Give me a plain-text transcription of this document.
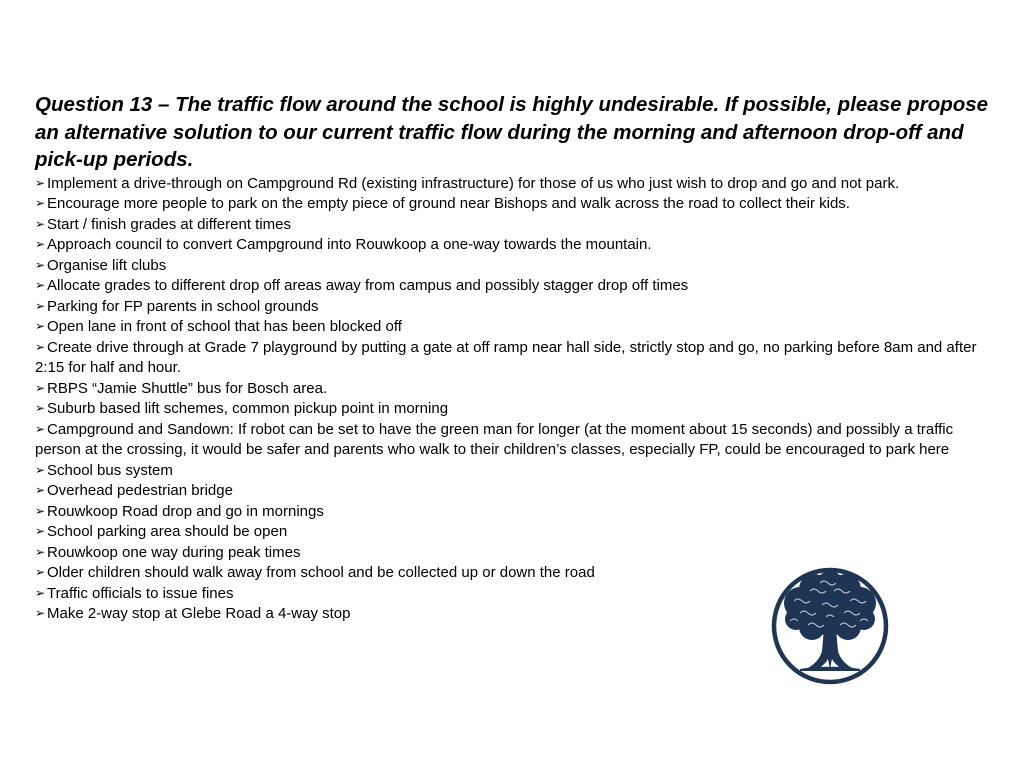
Question 13 – The traffic flow around the school is highly undesirable. If possible, please propose an alternative solution to our current traffic flow during the morning and afternoon drop-off and pick-up periods.

➢ Implement a drive-through on Campground Rd (existing infrastructure) for those of us who just wish to drop and go and not park.
➢ Encourage more people to park on the empty piece of ground near Bishops and walk across the road to collect their kids.
➢ Start / finish grades at different times
➢ Approach council to convert Campground into Rouwkoop a one-way towards the mountain.
➢ Organise lift clubs
➢ Allocate grades to different drop off areas away from campus and possibly stagger drop off times
➢ Parking for FP parents in school grounds
➢ Open lane in front of school that has been blocked off
➢ Create drive through at Grade 7 playground by putting a gate at off ramp near hall side, strictly stop and go, no parking before 8am and after 2:15 for half and hour.
➢ RBPS “Jamie Shuttle” bus for Bosch area.
➢ Suburb based lift schemes, common pickup point in morning
➢ Campground and Sandown: If robot can be set to have the green man for longer (at the moment about 15 seconds) and possibly a traffic person at the crossing, it would be safer and parents who walk to their children’s classes, especially FP, could be encouraged to park here
➢ School bus system
➢ Overhead pedestrian bridge
➢ Rouwkoop Road drop and go in mornings
➢ School parking area should be open
➢ Rouwkoop one way during peak times
➢ Older children should walk away from school and be collected up or down the road
➢ Traffic officials to issue fines
➢ Make 2-way stop at Glebe Road a 4-way stop
